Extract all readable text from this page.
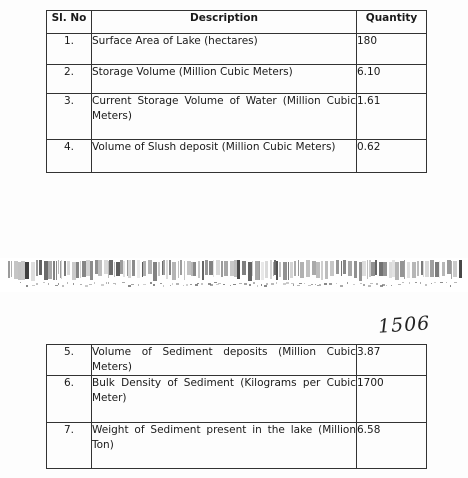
Sl. No	Description	Quantity
1.	Surface Area of Lake (hectares)	180
2.	Storage Volume (Million Cubic Meters)	6.10
3.	Current Storage Volume of Water (Million Cubic Meters)	1.61
4.	Volume of Slush deposit (Million Cubic Meters)	0.62
1506
5.	Volume of Sediment deposits (Million Cubic Meters)	3.87
6.	Bulk Density of Sediment (Kilograms per Cubic Meter)	1700
7.	Weight of Sediment present in the lake (Million Ton)	6.58
